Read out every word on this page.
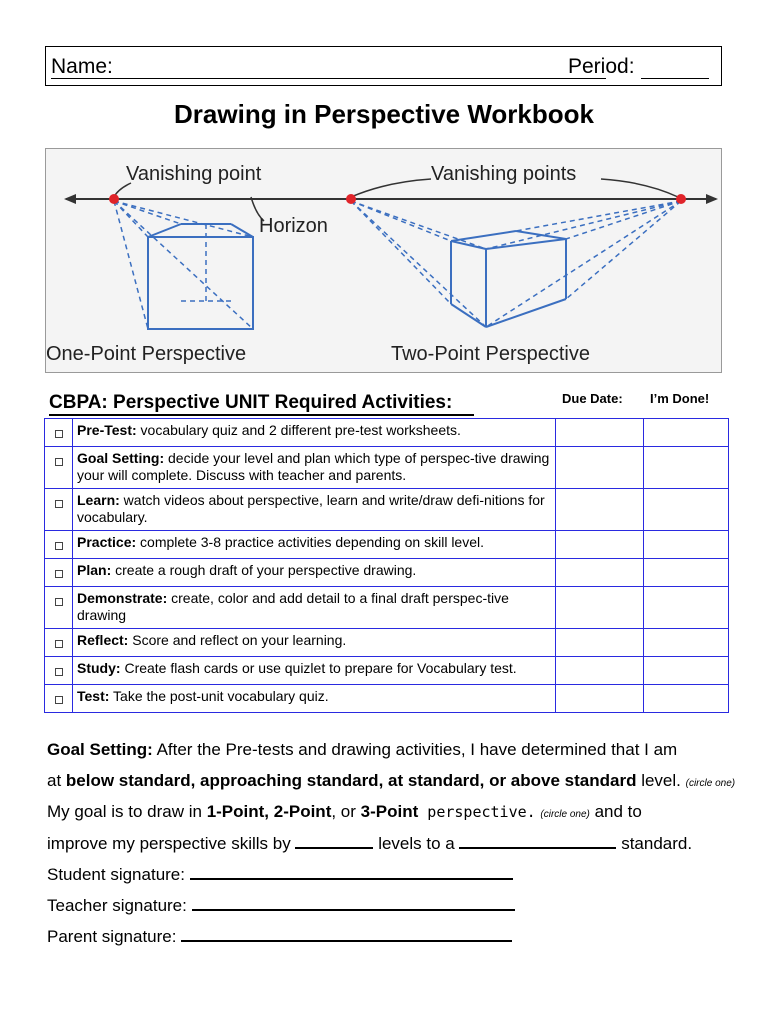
Name:	Period:
Drawing in Perspective Workbook
Vanishing point	Vanishing points
Horizon
One-Point Perspective	Two-Point Perspective
CBPA: Perspective UNIT Required Activities:	Due Date: I’m Done!
	Pre-Test: vocabulary quiz and 2 different pre-test worksheets.		
	Goal Setting: decide your level and plan which type of perspec-tive drawing your will complete. Discuss with teacher and parents.		
	Learn: watch videos about perspective, learn and write/draw defi-nitions for vocabulary.		
	Practice: complete 3-8 practice activities depending on skill level.		
	Plan: create a rough draft of your perspective drawing.		
	Demonstrate: create, color and add detail to a final draft perspec-tive drawing		
	Reflect: Score and reflect on your learning.		
	Study: Create flash cards or use quizlet to prepare for Vocabulary test.		
	Test: Take the post-unit vocabulary quiz.		
Goal Setting: After the Pre-tests and drawing activities, I have determined that I am
at below standard, approaching standard, at standard, or above standard level. (circle one)
My goal is to draw in 1-Point, 2-Point, or 3-Point perspective. (circle one) and to
improve my perspective skills by	levels to a	standard.
Student signature:
Teacher signature:
Parent signature:
